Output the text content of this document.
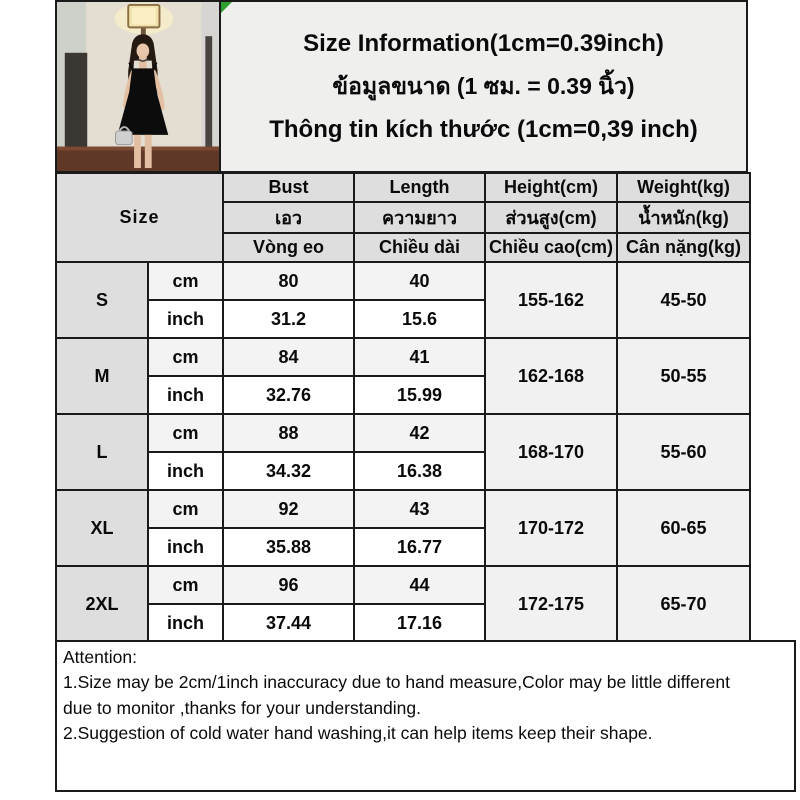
Size Information(1cm=0.39inch)
ข้อมูลขนาด (1 ซม. = 0.39 นิ้ว)
Thông tin kích thước (1cm=0,39 inch)
Size		Bust	Length	Height(cm)	Weight(kg)
		เอว	ความยาว	ส่วนสูง(cm)	น้ำหนัก(kg)
		Vòng eo	Chiều dài	Chiều cao(cm)	Cân nặng(kg)
S	cm	80	40	155-162	45-50
	inch	31.2	15.6		
M	cm	84	41	162-168	50-55
	inch	32.76	15.99		
L	cm	88	42	168-170	55-60
	inch	34.32	16.38		
XL	cm	92	43	170-172	60-65
	inch	35.88	16.77		
2XL	cm	96	44	172-175	65-70
	inch	37.44	17.16		
Attention:
1.Size may be 2cm/1inch inaccuracy due to hand measure,Color may be little different
due to monitor ,thanks for your understanding.
2.Suggestion of cold water hand washing,it can help items keep their shape.
